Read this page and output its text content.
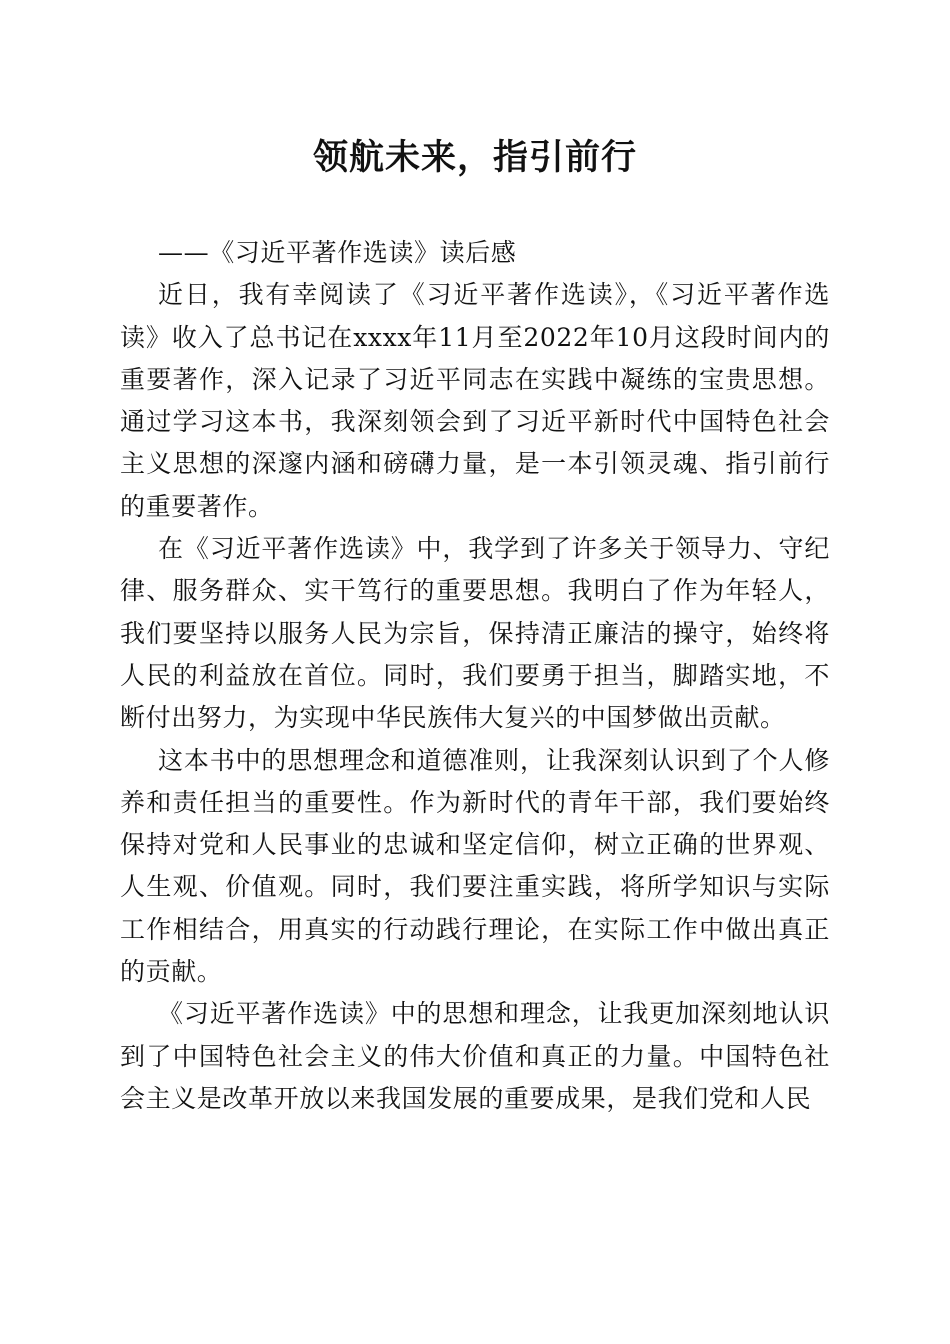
领航未来，指引前行

——《习近平著作选读》读后感

近日，我有幸阅读了《习近平著作选读》，《习近平著作选读》收入了总书记在xxxx年11月至2022年10月这段时间内的重要著作，深入记录了习近平同志在实践中凝练的宝贵思想。通过学习这本书，我深刻领会到了习近平新时代中国特色社会主义思想的深邃内涵和磅礴力量，是一本引领灵魂、指引前行的重要著作。

在《习近平著作选读》中，我学到了许多关于领导力、守纪律、服务群众、实干笃行的重要思想。我明白了作为年轻人，我们要坚持以服务人民为宗旨，保持清正廉洁的操守，始终将人民的利益放在首位。同时，我们要勇于担当，脚踏实地，不断付出努力，为实现中华民族伟大复兴的中国梦做出贡献。

这本书中的思想理念和道德准则，让我深刻认识到了个人修养和责任担当的重要性。作为新时代的青年干部，我们要始终保持对党和人民事业的忠诚和坚定信仰，树立正确的世界观、人生观、价值观。同时，我们要注重实践，将所学知识与实际工作相结合，用真实的行动践行理论，在实际工作中做出真正的贡献。

《习近平著作选读》中的思想和理念，让我更加深刻地认识到了中国特色社会主义的伟大价值和真正的力量。中国特色社会主义是改革开放以来我国发展的重要成果，是我们党和人民
